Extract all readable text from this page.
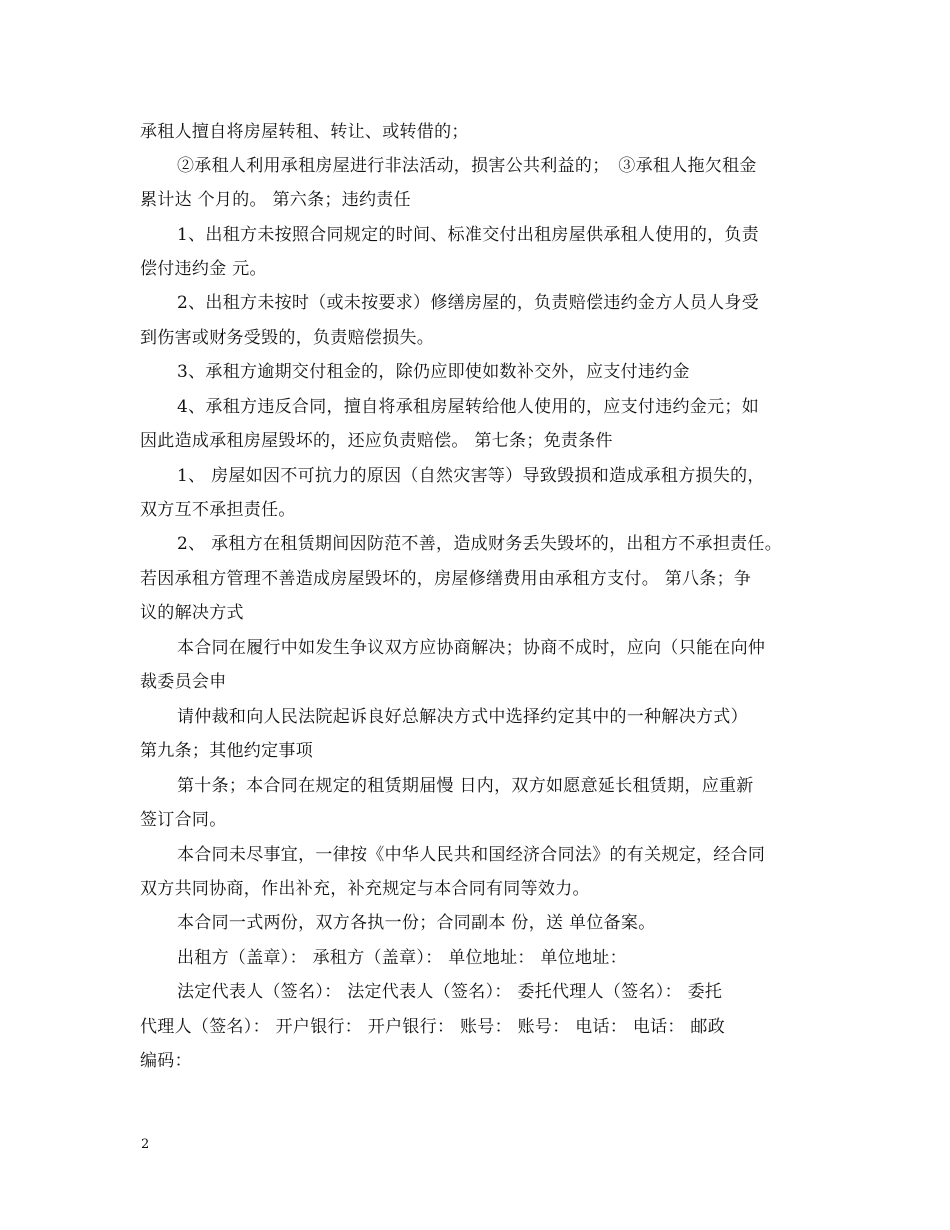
承租人擅自将房屋转租、转让、或转借的；
②承租人利用承租房屋进行非法活动，损害公共利益的；　③承租人拖欠租金
累计达 个月的。 第六条；违约责任
1、出租方未按照合同规定的时间、标准交付出租房屋供承租人使用的，负责
偿付违约金 元。
2、出租方未按时（或未按要求）修缮房屋的，负责赔偿违约金方人员人身受
到伤害或财务受毁的，负责赔偿损失。
3、承租方逾期交付租金的，除仍应即使如数补交外，应支付违约金
4、承租方违反合同，擅自将承租房屋转给他人使用的，应支付违约金元；如
因此造成承租房屋毁坏的，还应负责赔偿。 第七条；免责条件
1、 房屋如因不可抗力的原因（自然灾害等）导致毁损和造成承租方损失的，
双方互不承担责任。
2、 承租方在租赁期间因防范不善，造成财务丢失毁坏的，出租方不承担责任。
若因承租方管理不善造成房屋毁坏的，房屋修缮费用由承租方支付。 第八条；争
议的解决方式
本合同在履行中如发生争议双方应协商解决；协商不成时，应向（只能在向仲
裁委员会申
请仲裁和向人民法院起诉良好总解决方式中选择约定其中的一种解决方式）
第九条；其他约定事项
第十条；本合同在规定的租赁期届慢 日内，双方如愿意延长租赁期，应重新
签订合同。
本合同未尽事宜，一律按《中华人民共和国经济合同法》的有关规定，经合同
双方共同协商，作出补充，补充规定与本合同有同等效力。
本合同一式两份，双方各执一份；合同副本 份，送 单位备案。
出租方（盖章）： 承租方（盖章）： 单位地址： 单位地址：
法定代表人（签名）： 法定代表人（签名）： 委托代理人（签名）： 委托
代理人（签名）： 开户银行： 开户银行： 账号： 账号： 电话： 电话： 邮政
编码：
2
